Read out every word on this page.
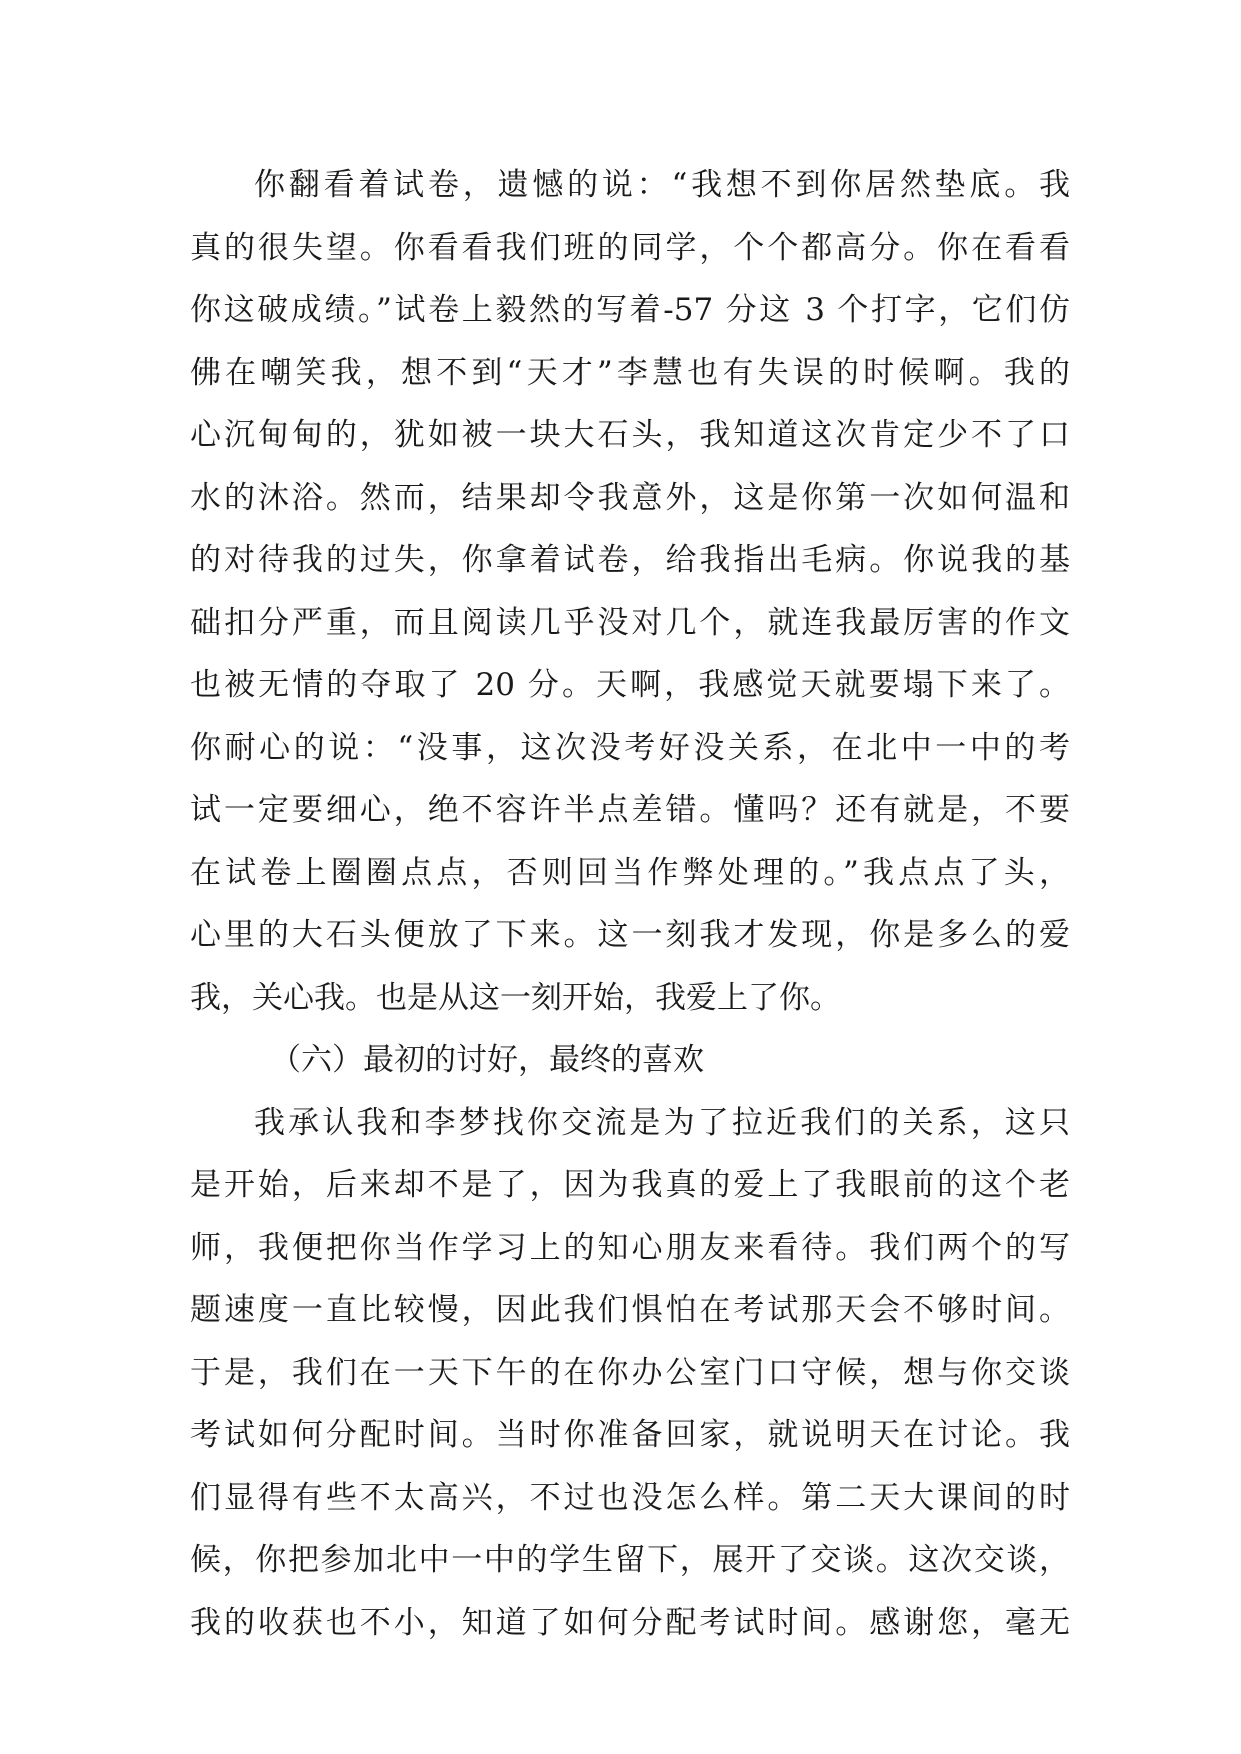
你翻看着试卷，遗憾的说：“我想不到你居然垫底。我
真的很失望。你看看我们班的同学，个个都高分。你在看看
你这破成绩。”试卷上毅然的写着-57 分这 3 个打字，它们仿
佛在嘲笑我，想不到“天才”李慧也有失误的时候啊。我的
心沉甸甸的，犹如被一块大石头，我知道这次肯定少不了口
水的沐浴。然而，结果却令我意外，这是你第一次如何温和
的对待我的过失，你拿着试卷，给我指出毛病。你说我的基
础扣分严重，而且阅读几乎没对几个，就连我最厉害的作文
也被无情的夺取了 20 分。天啊，我感觉天就要塌下来了。
你耐心的说：“没事，这次没考好没关系，在北中一中的考
试一定要细心，绝不容许半点差错。懂吗？还有就是，不要
在试卷上圈圈点点，否则回当作弊处理的。”我点点了头，
心里的大石头便放了下来。这一刻我才发现，你是多么的爱
我，关心我。也是从这一刻开始，我爱上了你。
（六）最初的讨好，最终的喜欢
我承认我和李梦找你交流是为了拉近我们的关系，这只
是开始，后来却不是了，因为我真的爱上了我眼前的这个老
师，我便把你当作学习上的知心朋友来看待。我们两个的写
题速度一直比较慢，因此我们惧怕在考试那天会不够时间。
于是，我们在一天下午的在你办公室门口守候，想与你交谈
考试如何分配时间。当时你准备回家，就说明天在讨论。我
们显得有些不太高兴，不过也没怎么样。第二天大课间的时
候，你把参加北中一中的学生留下，展开了交谈。这次交谈，
我的收获也不小，知道了如何分配考试时间。感谢您，毫无
